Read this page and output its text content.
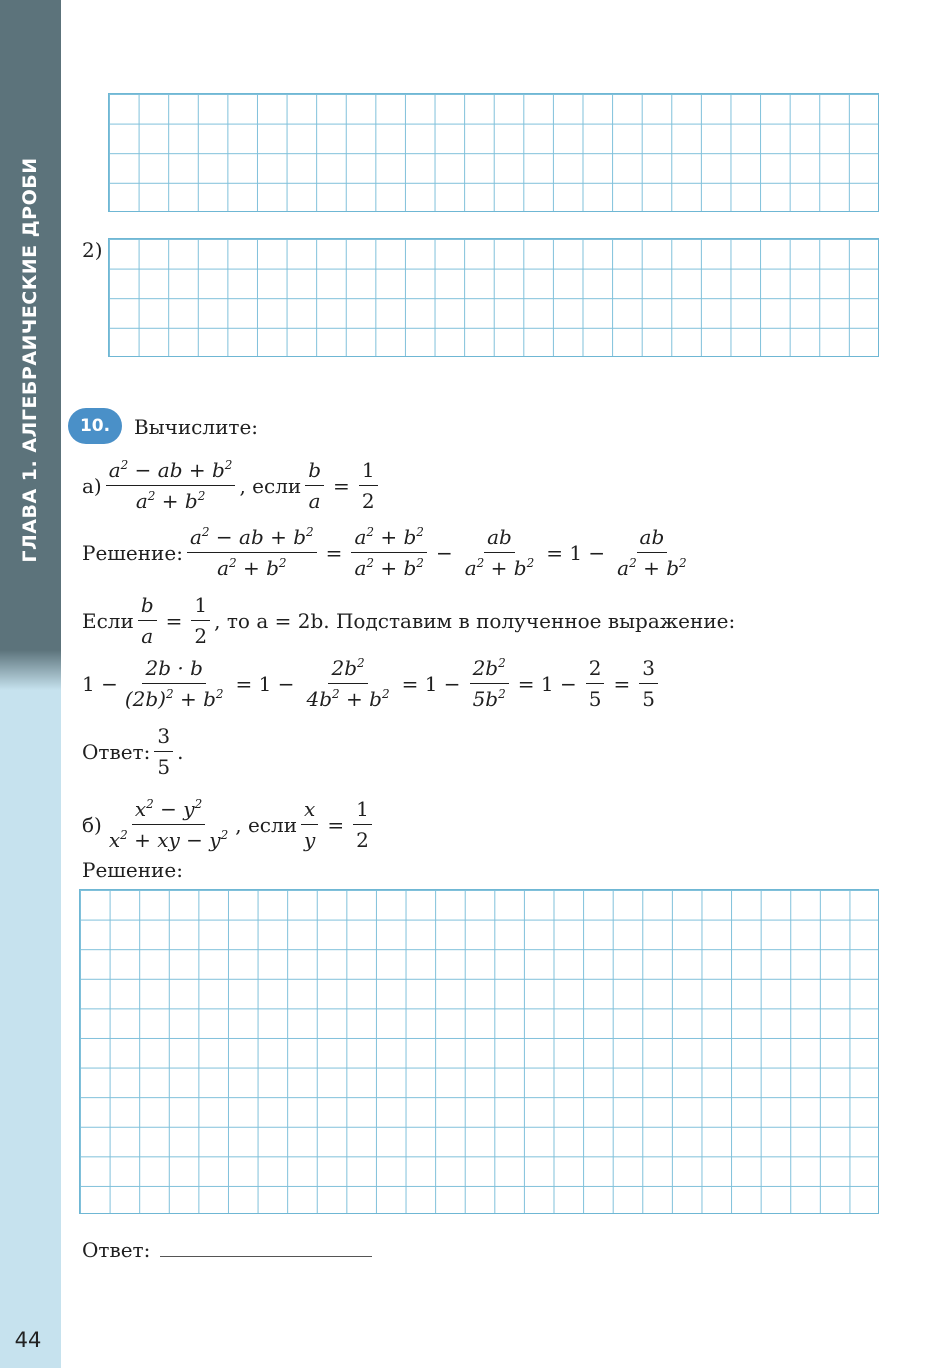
ГЛАВА 1. АЛГЕБРАИЧЕСКИЕ ДРОБИ
44
2)
10.	Вычислите:
$а) \frac{a^2 - ab + b^2}{a^2 + b^2}$ , если $\frac{b}{a} = \frac{1}{2}$
Решение: $\frac{a^2 - ab + b^2}{a^2 + b^2} = \frac{a^2 + b^2}{a^2 + b^2} - \frac{ab}{a^2 + b^2} = 1 - \frac{ab}{a^2 + b^2}$
Если $\frac{b}{a} = \frac{1}{2}$ , то a = 2b. Подставим в полученное выражение:
$1 - \frac{2b \cdot b}{(2b)^2 + b^2} = 1 - \frac{2b^2}{4b^2 + b^2} = 1 - \frac{2b^2}{5b^2} = 1 - \frac{2}{5} = \frac{3}{5}$
Ответ: $\frac{3}{5}$ .
$б) \frac{x^2 - y^2}{x^2 + xy - y^2}$ , если $\frac{x}{y} = \frac{1}{2}$
Решение:
Ответ:
